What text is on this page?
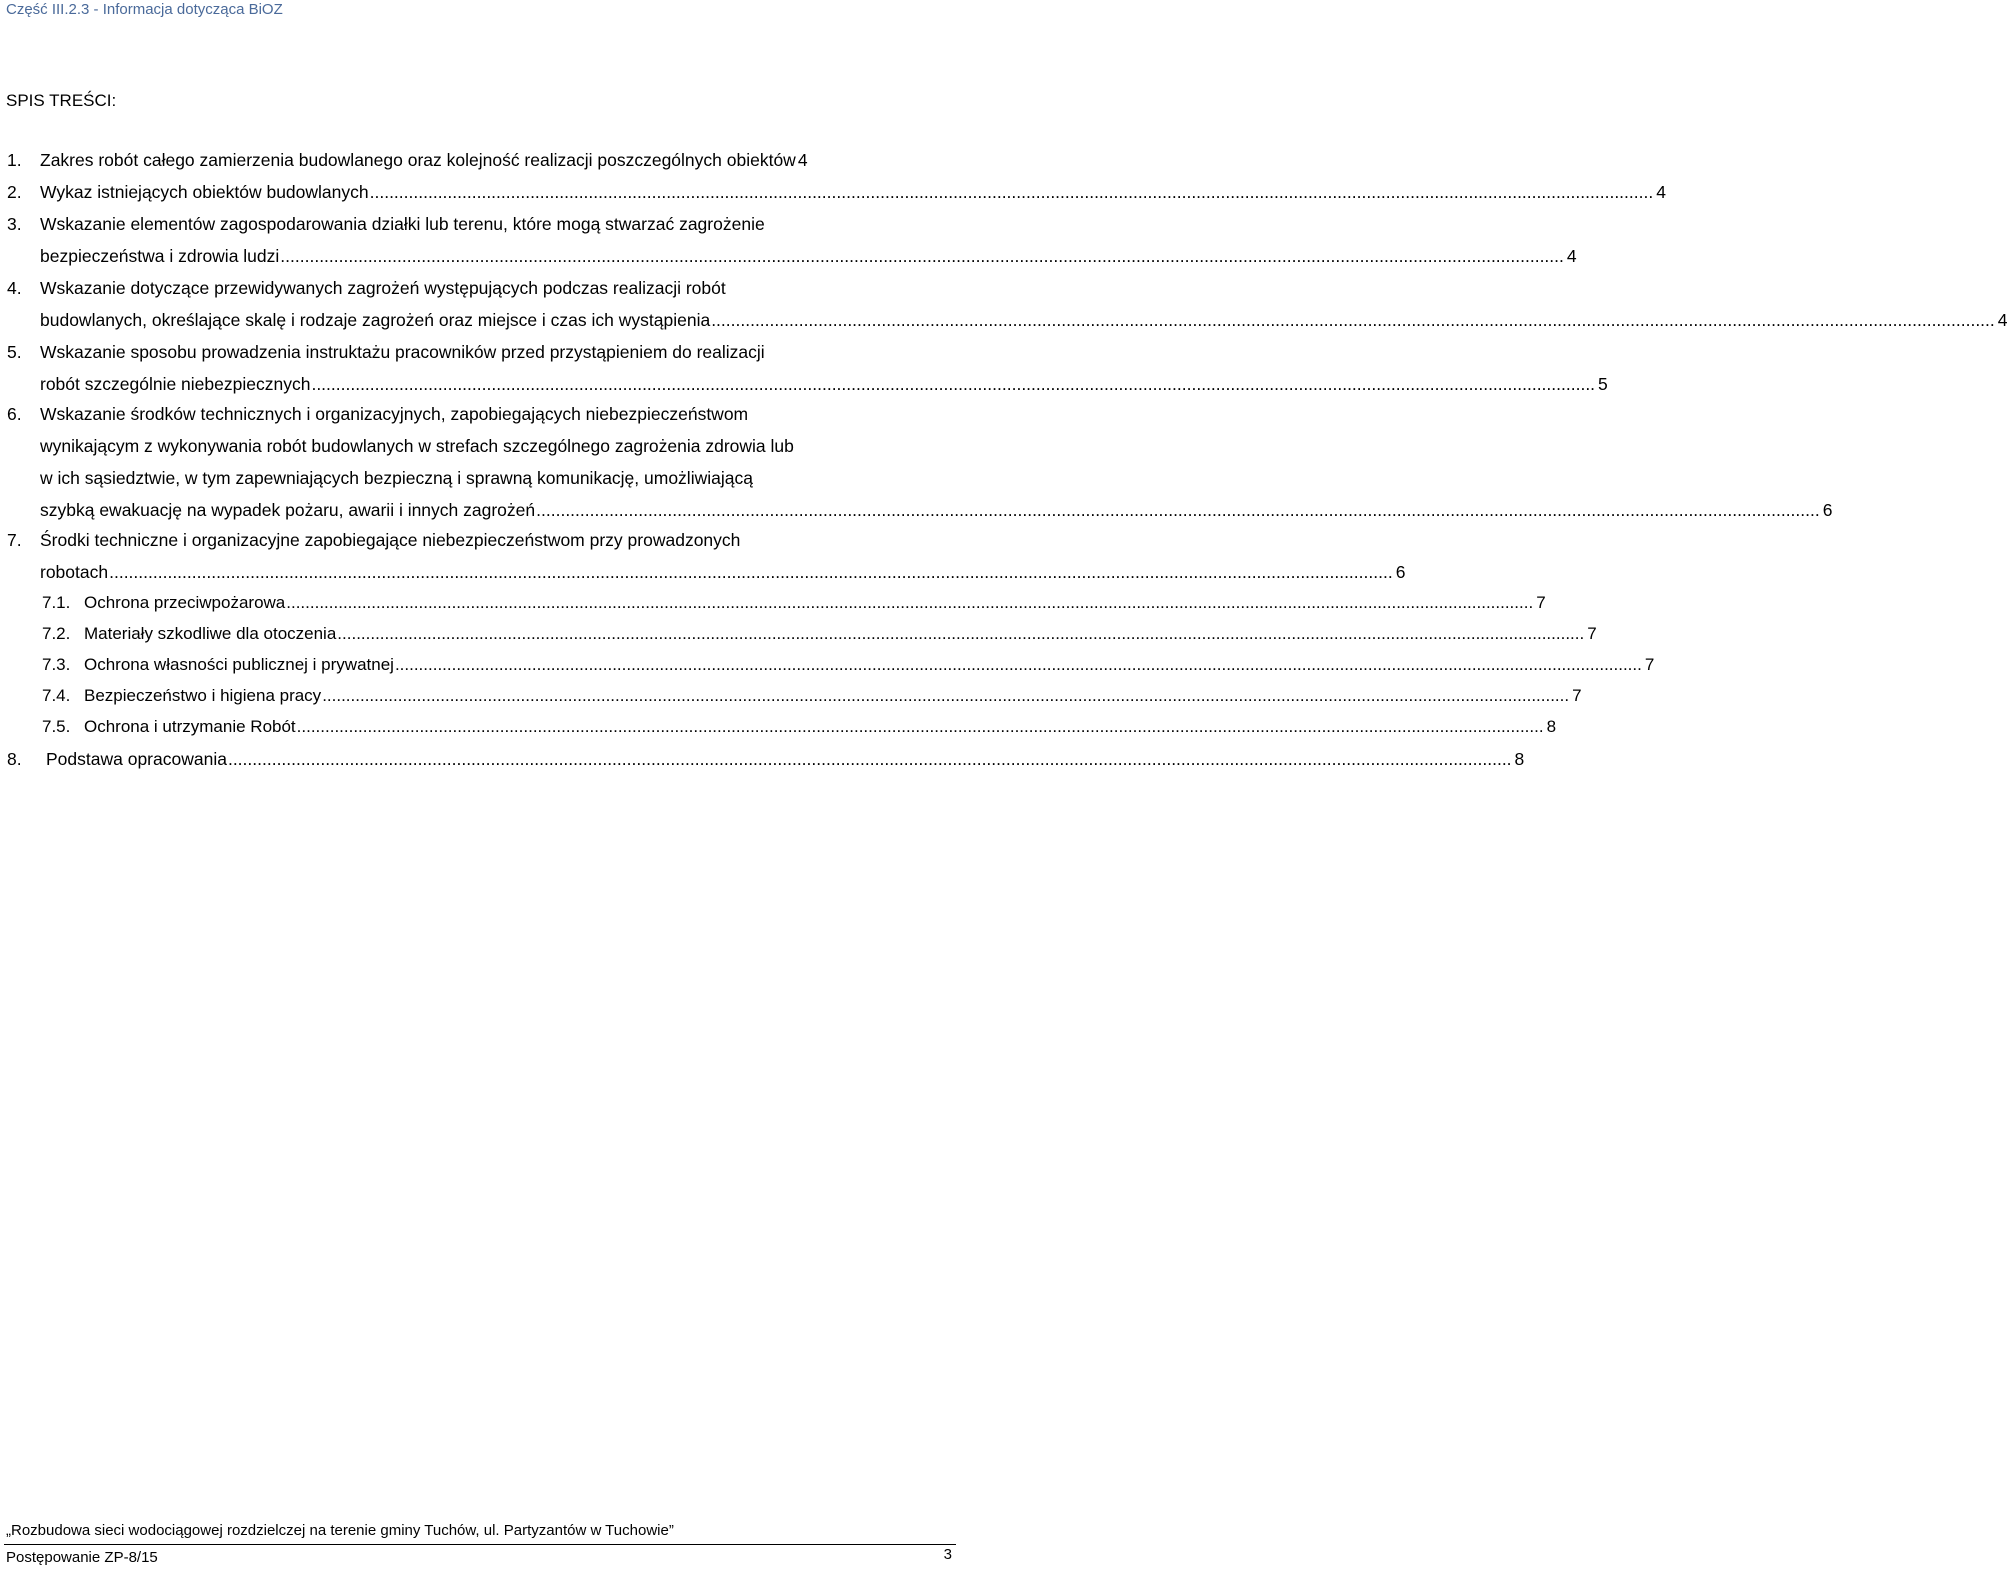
Część III.2.3 - Informacja dotycząca BiOZ
SPIS TREŚCI:
1. Zakres robót całego zamierzenia budowlanego oraz kolejność realizacji poszczególnych obiektów 4
2. Wykaz istniejących obiektów budowlanych .....	4
3. Wskazanie elementów zagospodarowania działki lub terenu, które mogą stwarzać zagrożenie
bezpieczeństwa i zdrowia ludzi .....	4
4. Wskazanie dotyczące przewidywanych zagrożeń występujących podczas realizacji robót
budowlanych, określające skalę i rodzaje zagrożeń oraz miejsce i czas ich wystąpienia .....	4
5. Wskazanie sposobu prowadzenia instruktażu pracowników przed przystąpieniem do realizacji
robót szczególnie niebezpiecznych .....	5
6. Wskazanie środków technicznych i organizacyjnych, zapobiegających niebezpieczeństwom
wynikającym z wykonywania robót budowlanych w strefach szczególnego zagrożenia zdrowia lub
w ich sąsiedztwie, w tym zapewniających bezpieczną i sprawną komunikację, umożliwiającą
szybką ewakuację na wypadek pożaru, awarii i innych zagrożeń .....	6
7. Środki techniczne i organizacyjne zapobiegające niebezpieczeństwom przy prowadzonych
robotach .....	6
7.1. Ochrona przeciwpożarowa .....	7
7.2. Materiały szkodliwe dla otoczenia .....	7
7.3. Ochrona własności publicznej i prywatnej .....	7
7.4. Bezpieczeństwo i higiena pracy .....	7
7.5. Ochrona i utrzymanie Robót .....	8
8. Podstawa opracowania .....	8
„Rozbudowa sieci wodociągowej rozdzielczej na terenie gminy Tuchów, ul. Partyzantów w Tuchowie”
Postępowanie ZP-8/15	3
